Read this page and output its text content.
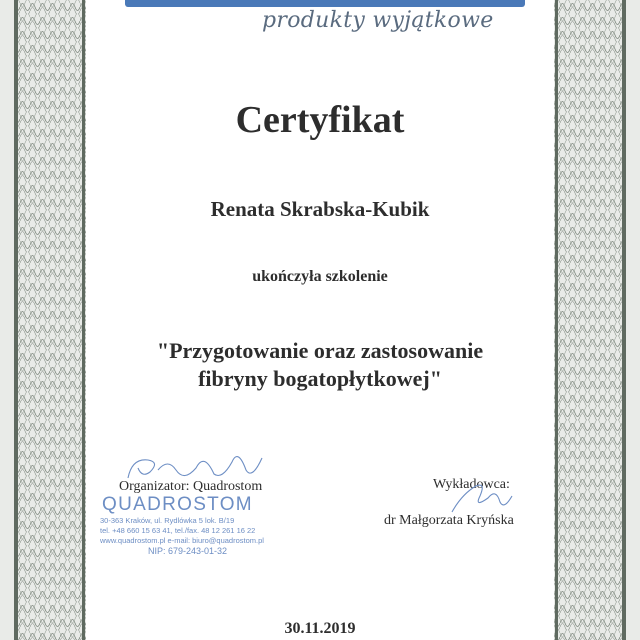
produkty wyjątkowe
Certyfikat
Renata Skrabska-Kubik
ukończyła szkolenie
"Przygotowanie oraz zastosowanie
fibryny bogatopłytkowej"
Organizator: Quadrostom
QUADROSTOM
30-363 Kraków, ul. Rydlówka 5 lok. B/19
tel. +48 660 15 63 41, tel./fax. 48 12 261 16 22
www.quadrostom.pl e-mail: biuro@quadrostom.pl
NIP: 679-243-01-32
Wykładowca:
dr Małgorzata Kryńska
30.11.2019
